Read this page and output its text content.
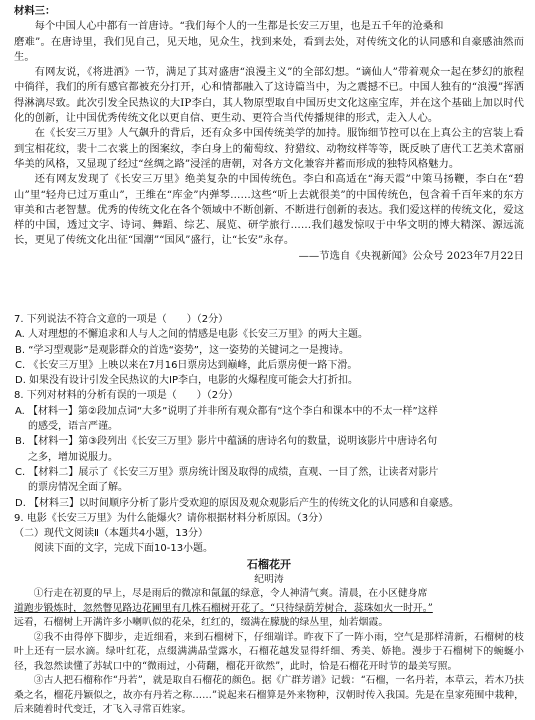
材料三：

每个中国人心中都有一首唐诗。“我们每个人的一生都是长安三万里，也是五千年的沧桑和

磨难”。在唐诗里，我们见自己，见天地，见众生，找到来处，看到去处，对传统文化的认同感和自豪感油然而生。

有网友说，《将进酒》一节，满足了其对盛唐“浪漫主义”的全部幻想。“谪仙人”带着观众一起在梦幻的旅程中徜徉，我们的所有感官都被充分打开，心和情都融入了这诗篇当中，为之震撼不已。中国人独有的“浪漫”挥洒得淋漓尽致。此次引发全民热议的大IP李白，其人物原型取自中国历史文化这座宝库，并在这个基础上加以时代化的创新，让中国优秀传统文化以更自信、更生动、更符合当代传播规律的形式，走入人心。

在《长安三万里》人气飙升的背后，还有众多中国传统美学的加持。服饰细节控可以在上真公主的宫装上看到宝相花纹，裴十二衣裳上的图案纹，李白身上的葡萄纹、狩猎纹、动物纹样等等，既反映了唐代工艺美术富丽华美的风格，又显现了经过“丝绸之路”浸淫的唐朝，对各方文化兼容并蓄而形成的独特风格魅力。

还有网友发现了《长安三万里》绝美复杂的中国传统色。李白和高适在“海天霞”中策马扬鞭，李白在“碧山”里“轻舟已过万重山”，王维在“库金”内弹琴……这些“听上去就很美”的中国传统色，包含着千百年来的东方审美和古老智慧。优秀的传统文化在各个领域中不断创新、不断进行创新的表达。我们爱这样的传统文化，爱这样的中国，透过文字、诗词、舞蹈、综艺、展览、研学旅行……我们越发惊叹于中华文明的博大精深、源远流长，更见了传统文化出征“国潮”“国风”盛行，让“长安”永存。

——节选自《央视新闻》公众号 2023年7月22日

7. 下列说法不符合文意的一项是（　　）（2分）

A. 人对理想的不懈追求和人与人之间的情感是电影《长安三万里》的两大主题。

B. “学习型观影”是观影群众的首选“姿势”，这一姿势的关键词之一是搜诗。

C. 《长安三万里》上映以来在7月16日票房达到巅峰，此后票房便一路下滑。

D. 如果没有设计引发全民热议的大IP李白，电影的火爆程度可能会大打折扣。

8. 下列对材料的分析有误的一项是（　　）（2分）

A. 【材料一】第②段加点词“大多”说明了并非所有观众都有“这个李白和课本中的不太一样”这样

的感受，语言严谨。

B. 【材料一】第③段列出《长安三万里》影片中蕴涵的唐诗名句的数量，说明该影片中唐诗名句

之多，增加说服力。

C. 【材料二】展示了《长安三万里》票房统计图及取得的成绩，直观、一目了然，让读者对影片

的票房情况全面了解。

D. 【材料三】以时间顺序分析了影片受欢迎的原因及观众观影后产生的传统文化的认同感和自豪感。

9. 电影《长安三万里》为什么能爆火？请你根据材料分析原因。（3分）

（二）现代文阅读Ⅱ（本题共4小题，13分）

阅读下面的文字，完成下面10-13小题。

石榴花开

纪明涛

①行走在初夏的早上，尽是雨后的微凉和氤氲的绿意，令人神清气爽。清晨，在小区健身席

道跑步锻炼时，忽然瞥见路边花圃里有几株石榴树开花了。“只待绿荫芳树合，蕊珠如火一时开。”

远看，石榴树上开满许多小喇叭似的花朵，红红的，缀满在朦胧的绿丛里，灿若烟霞。

②我不由得停下脚步，走近细看，来到石榴树下，仔细端详。昨夜下了一阵小雨，空气是那样清新，石榴树的枝叶上还有一层水滴。绿叶红花，点缀满满晶莹露水，石榴花越发显得纤细、秀美、娇艳。漫步于石榴树下的蜿蜒小径，我忽然读懂了苏轼口中的“微雨过，小荷翻，榴花开欲然”，此时，恰是石榴花开时节的最美写照。

③古人把石榴称作“丹若”，就是取自石榴花的颜色。据《广群芳谱》记载：“石榴，一名丹若，本草云，若木乃扶桑之名，榴花丹颖似之，故亦有丹若之称……”说起来石榴算是外来物种，汉朝时传入我国。先是在皇家苑囿中栽种，后来随着时代变迁，才飞入寻常百姓家。
